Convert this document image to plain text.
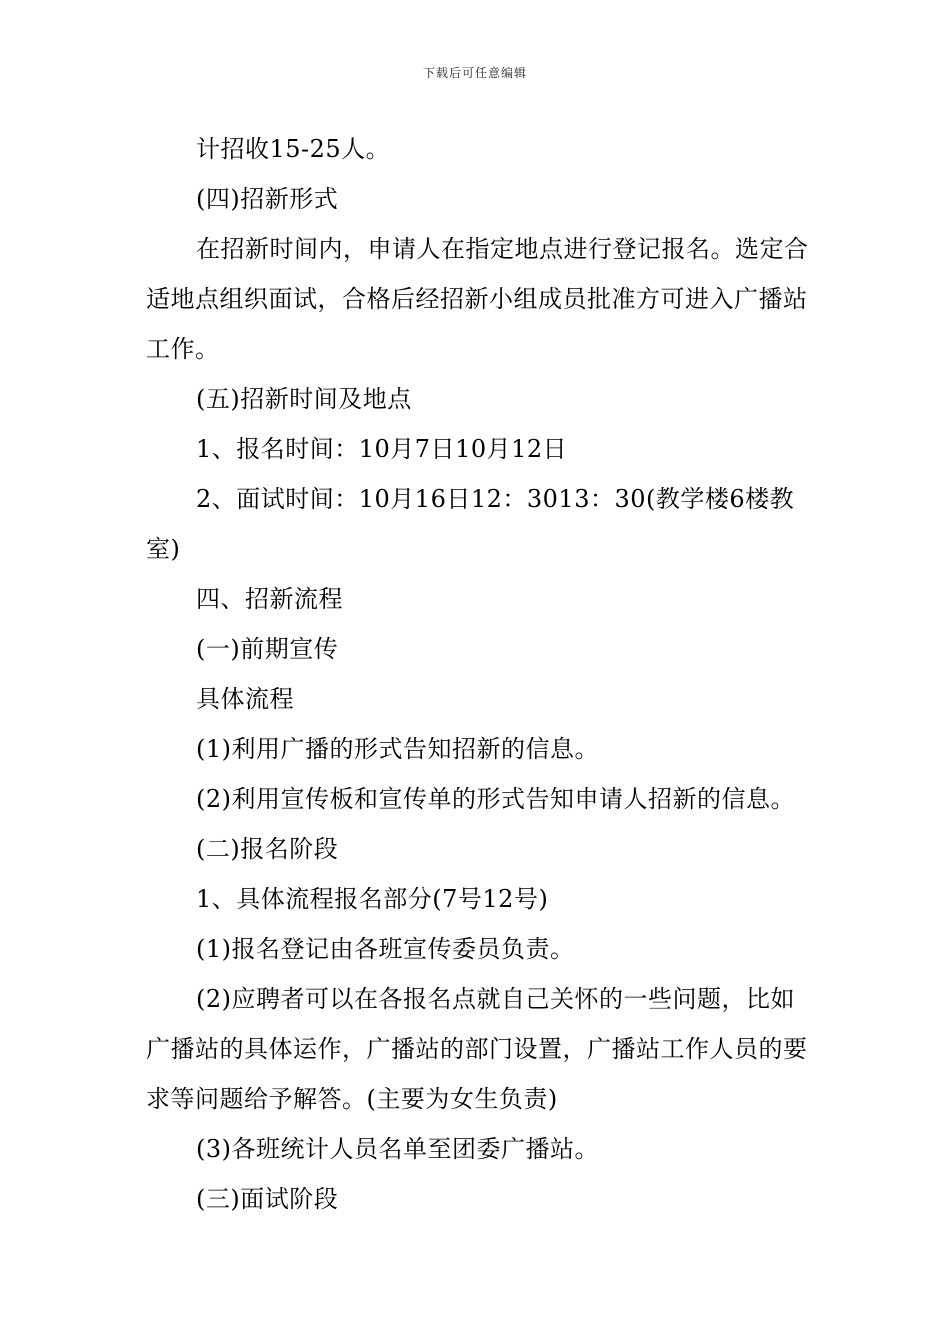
下载后可任意编辑

计招收15-25人。

(四)招新形式

在招新时间内，申请人在指定地点进行登记报名。选定合适地点组织面试，合格后经招新小组成员批准方可进入广播站工作。

(五)招新时间及地点

1、报名时间：10月7日10月12日

2、面试时间：10月16日12：3013：30(教学楼6楼教室)

四、招新流程

(一)前期宣传

具体流程

(1)利用广播的形式告知招新的信息。

(2)利用宣传板和宣传单的形式告知申请人招新的信息。

(二)报名阶段

1、具体流程报名部分(7号12号)

(1)报名登记由各班宣传委员负责。

(2)应聘者可以在各报名点就自己关怀的一些问题，比如广播站的具体运作，广播站的部门设置，广播站工作人员的要求等问题给予解答。(主要为女生负责)

(3)各班统计人员名单至团委广播站。

(三)面试阶段
